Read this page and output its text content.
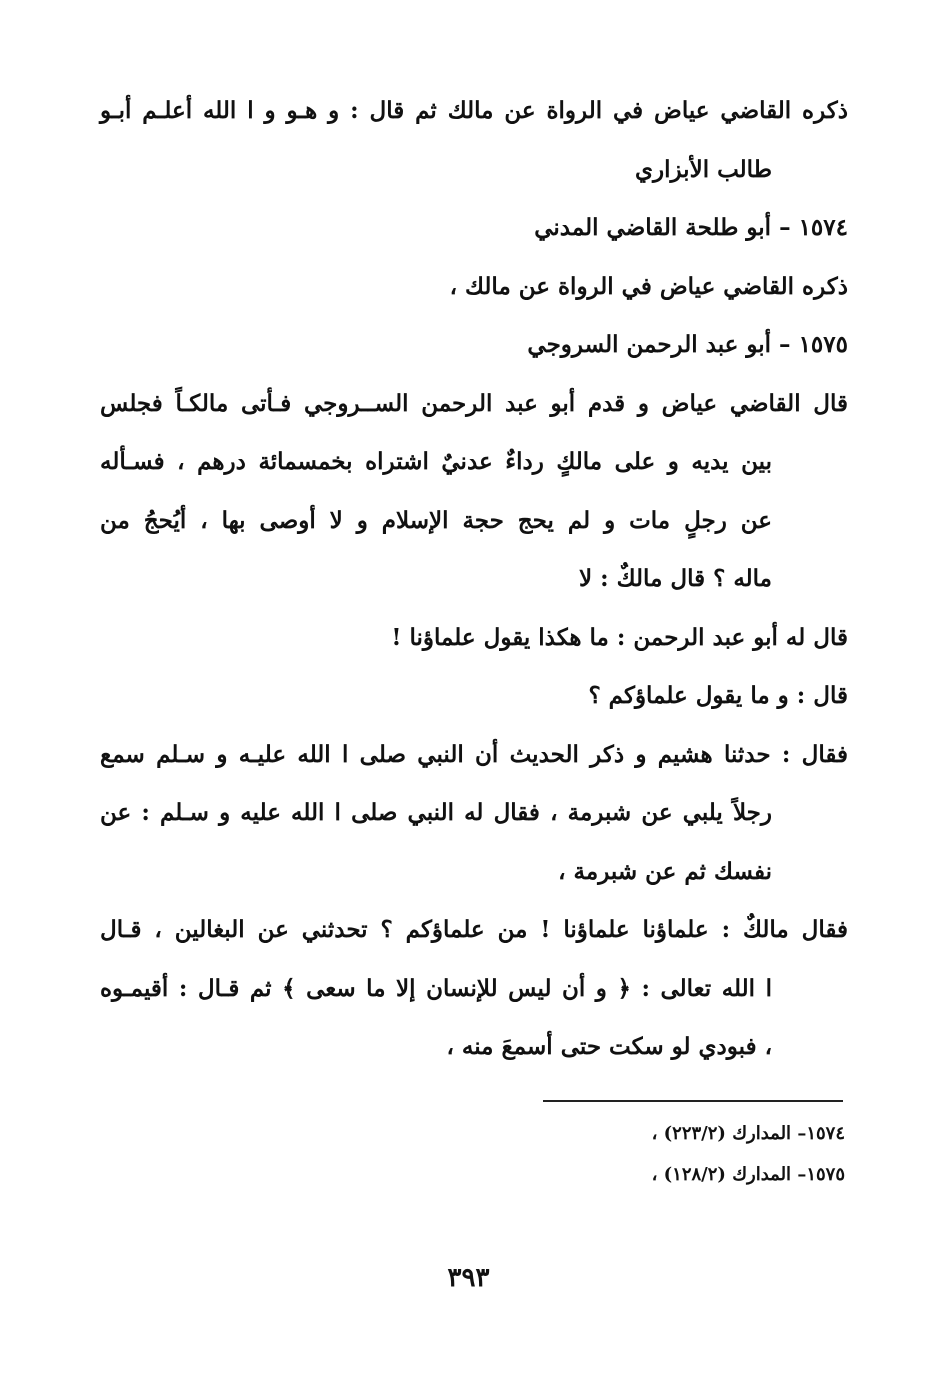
ذكره القاضي عياض في الرواة عن مالك ثم قال : و هـو و ا الله أعلـم أبـو
طالب الأبزاري
١٥٧٤ – أبو طلحة القاضي المدني
ذكره القاضي عياض في الرواة عن مالك ،
١٥٧٥ – أبو عبد الرحمن السروجي
قال القاضي عياض و قدم أبو عبد الرحمن الســروجي فـأتى مالكـاً فجلس
بين يديه و على مالكٍ رداءٌ عدنيٌ اشتراه بخمسمائة درهم ، فسـأله
عن رجلٍ مات و لم يحج حجة الإسلام و لا أوصى بها ، أيُحجُ من
ماله ؟ قال مالكٌ : لا
قال له أبو عبد الرحمن : ما هكذا يقول علماؤنا !
قال : و ما يقول علماؤكم ؟
فقال : حدثنا هشيم و ذكر الحديث أن النبي صلى ا الله عليـه و سـلم سمع
رجلاً يلبي عن شبرمة ، فقال له النبي صلى ا الله عليه و سـلم : عن
نفسك ثم عن شبرمة ،
فقال مالكٌ : علماؤنا علماؤنا ! من علماؤكم ؟ تحدثني عن البغالين ، قـال
ا الله تعالى : ﴿ و أن ليس للإنسان إلا ما سعى ﴾ ثم قـال : أقيمـوه
، فبودي لو سكت حتى أسمعَ منه ،
١٥٧٤– المدارك (٢٢٣/٢) ،
١٥٧٥– المدارك (١٢٨/٢) ،
٣٩٣
